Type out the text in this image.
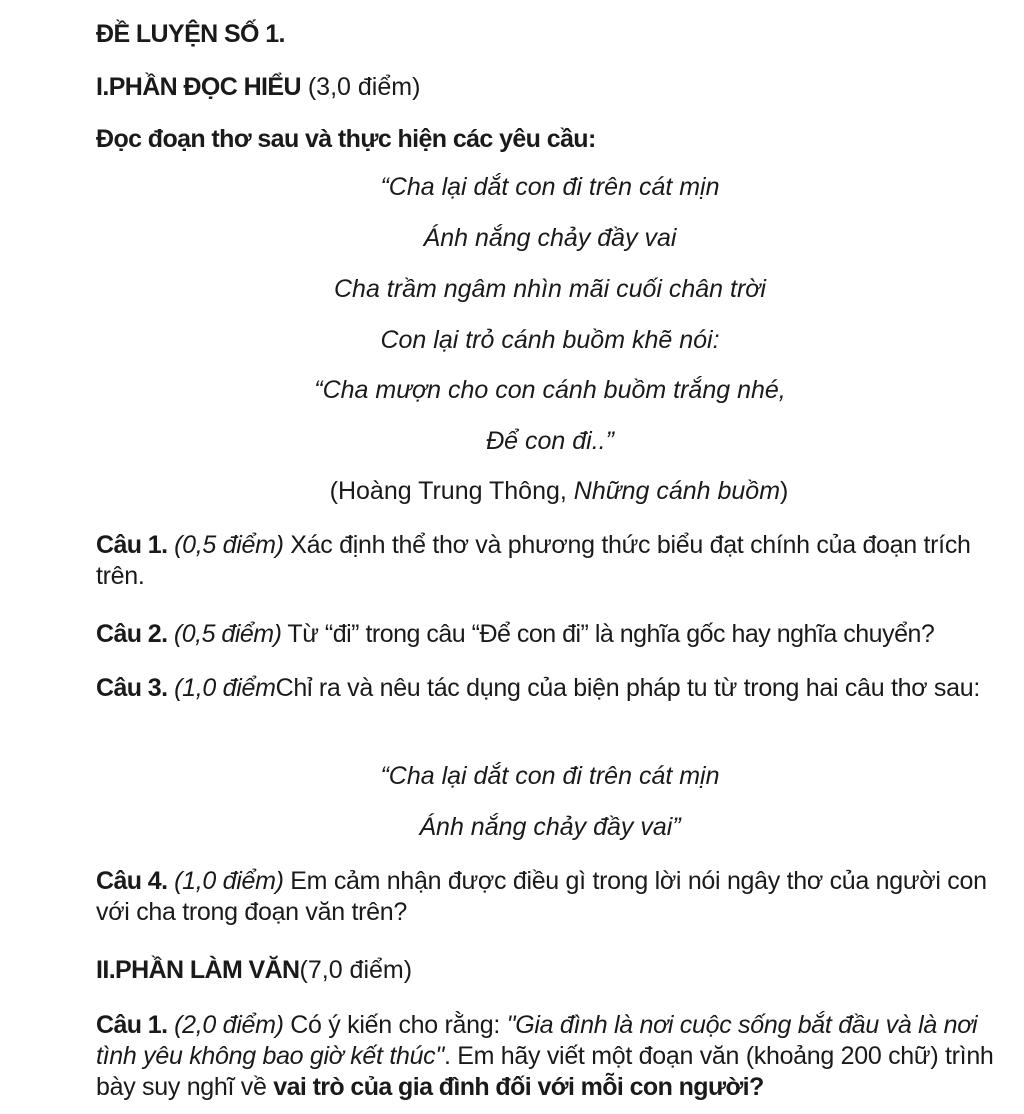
ĐỀ LUYỆN SỐ 1.

I.PHẦN ĐỌC HIỂU (3,0 điểm)

Đọc đoạn thơ sau và thực hiện các yêu cầu:

“Cha lại dắt con đi trên cát mịn

Ánh nắng chảy đầy vai

Cha trầm ngâm nhìn mãi cuối chân trời

Con lại trỏ cánh buồm khẽ nói:

“Cha mượn cho con cánh buồm trắng nhé,

Để con đi..”

(Hoàng Trung Thông, Những cánh buồm)

Câu 1. (0,5 điểm) Xác định thể thơ và phương thức biểu đạt chính của đoạn trích trên.

Câu 2. (0,5 điểm) Từ “đi” trong câu “Để con đi” là nghĩa gốc hay nghĩa chuyển?

Câu 3. (1,0 điểmChỉ ra và nêu tác dụng của biện pháp tu từ trong hai câu thơ sau:

“Cha lại dắt con đi trên cát mịn

Ánh nắng chảy đầy vai”

Câu 4. (1,0 điểm) Em cảm nhận được điều gì trong lời nói ngây thơ của người con với cha trong đoạn văn trên?

II.PHẦN LÀM VĂN(7,0 điểm)

Câu 1. (2,0 điểm) Có ý kiến cho rằng: "Gia đình là nơi cuộc sống bắt đầu và là nơi tình yêu không bao giờ kết thúc". Em hãy viết một đoạn văn (khoảng 200 chữ) trình bày suy nghĩ về vai trò của gia đình đối với mỗi con người?
